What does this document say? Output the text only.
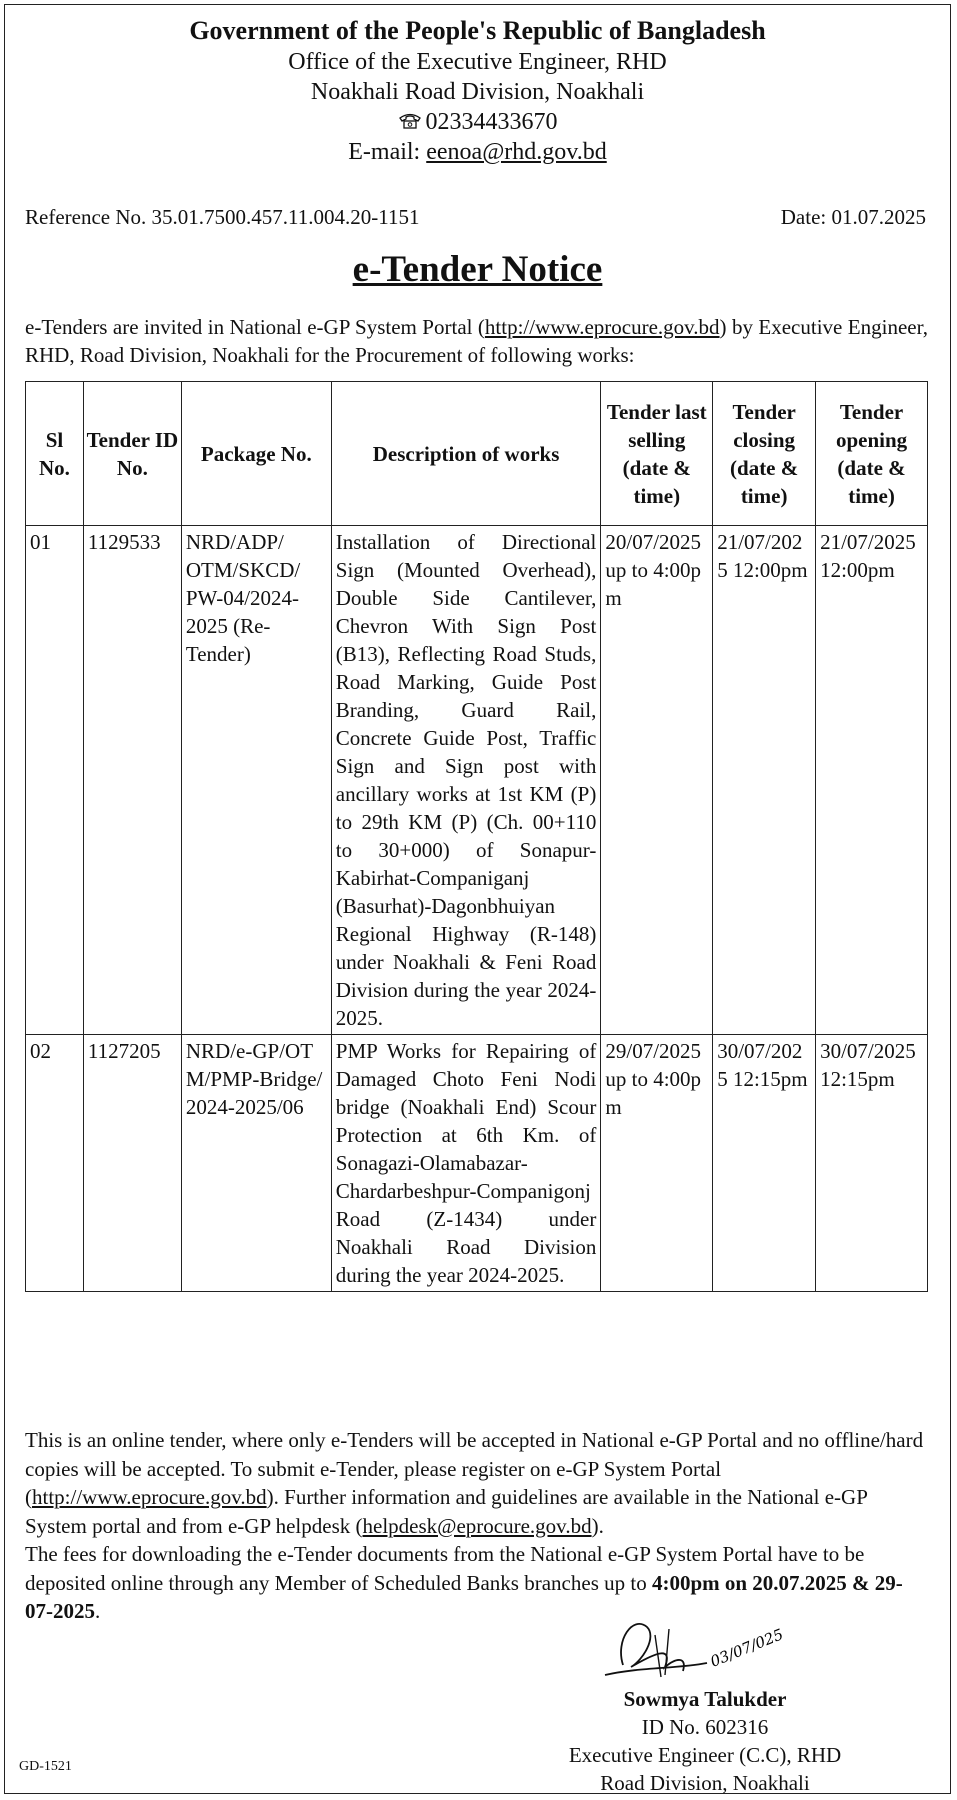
Government of the People's Republic of Bangladesh
Office of the Executive Engineer, RHD
Noakhali Road Division, Noakhali
02334433670
E-mail: eenoa@rhd.gov.bd
Reference No. 35.01.7500.457.11.004.20-1151	Date: 01.07.2025
e-Tender Notice
e-Tenders are invited in National e-GP System Portal (http://www.eprocure.gov.bd) by Executive Engineer, RHD, Road Division, Noakhali for the Procurement of following works:
Sl No.	Tender ID No.	Package No.	Description of works	Tender last selling (date & time)	Tender closing (date & time)	Tender opening (date & time)
01	1129533	NRD/ADP/ OTM/SKCD/ PW-04/2024-2025 (Re-Tender)	Installation of Directional Sign (Mounted Overhead), Double Side Cantilever, Chevron With Sign Post (B13), Reflecting Road Studs, Road Marking, Guide Post Branding, Guard Rail, Concrete Guide Post, Traffic Sign and Sign post with ancillary works at 1st KM (P) to 29th KM (P) (Ch. 00+110 to 30+000) of Sonapur-Kabirhat-Companiganj (Basurhat)-Dagonbhuiyan Regional Highway (R-148) under Noakhali & Feni Road Division during the year 2024-2025.	20/07/2025 up to 4:00pm	21/07/2025 12:00pm	21/07/2025 12:00pm
02	1127205	NRD/e-GP/OTM/PMP-Bridge/2024-2025/06	PMP Works for Repairing of Damaged Choto Feni Nodi bridge (Noakhali End) Scour Protection at 6th Km. of Sonagazi-Olamabazar-Chardarbeshpur-Companigonj Road (Z-1434) under Noakhali Road Division during the year 2024-2025.	29/07/2025 up to 4:00pm	30/07/2025 12:15pm	30/07/2025 12:15pm
This is an online tender, where only e-Tenders will be accepted in National e-GP Portal and no offline/hard copies will be accepted. To submit e-Tender, please register on e-GP System Portal (http://www.eprocure.gov.bd). Further information and guidelines are available in the National e-GP System portal and from e-GP helpdesk (helpdesk@eprocure.gov.bd).
The fees for downloading the e-Tender documents from the National e-GP System Portal have to be deposited online through any Member of Scheduled Banks branches up to 4:00pm on 20.07.2025 & 29-07-2025.
03/07/025
Sowmya Talukder
ID No. 602316
Executive Engineer (C.C), RHD
Road Division, Noakhali
GD-1521
